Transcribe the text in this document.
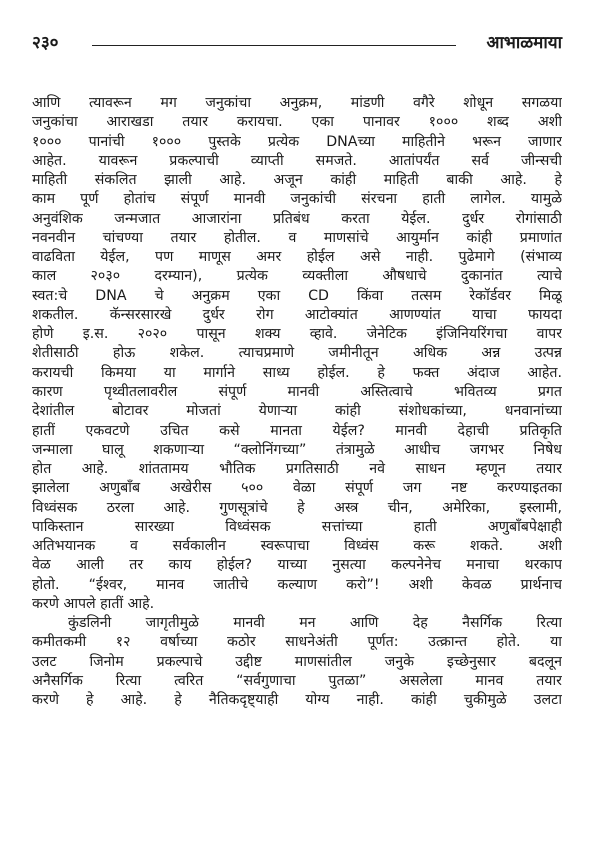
२३०	आभाळमाया
आणि त्यावरून मग जनुकांचा अनुक्रम, मांडणी वगैरे शोधून सगळया
जनुकांचा आराखडा तयार करायचा. एका पानावर १००० शब्द अशी
१००० पानांची १००० पुस्तके प्रत्येक DNAच्या माहितीने भरून जाणार
आहेत. यावरून प्रकल्पाची व्याप्ती समजते. आतांपर्यंत सर्व जीन्सची
माहिती संकलित झाली आहे. अजून कांही माहिती बाकी आहे. हे
काम पूर्ण होतांच संपूर्ण मानवी जनुकांची संरचना हाती लागेल. यामुळे
अनुवंशिक जन्मजात आजारांना प्रतिबंध करता येईल. दुर्धर रोगांसाठी
नवनवीन चांचण्या तयार होतील. व माणसांचे आयुर्मान कांही प्रमाणांत
वाढविता येईल, पण माणूस अमर होईल असे नाही. पुढेमागे (संभाव्य
काल २०३० दरम्यान), प्रत्येक व्यक्तीला औषधाचे दुकानांत त्याचे
स्वत:चे DNA चे अनुक्रम एका CD किंवा तत्सम रेकॉर्डवर मिळू
शकतील. कॅन्सरसारखे दुर्धर रोग आटोक्यांत आणण्यांत याचा फायदा
होणे इ.स. २०२० पासून शक्य व्हावे. जेनेटिक इंजिनियरिंगचा वापर
शेतीसाठी होऊ शकेल. त्याचप्रमाणे जमीनीतून अधिक अन्न उत्पन्न
करायची किमया या मार्गाने साध्य होईल. हे फक्त अंदाज आहेत.
कारण पृथ्वीतलावरील संपूर्ण मानवी अस्तित्वाचे भवितव्य प्रगत
देशांतील बोटावर मोजतां येणाऱ्या कांही संशोधकांच्या, धनवानांच्या
हातीं एकवटणे उचित कसे मानता येईल? मानवी देहाची प्रतिकृति
जन्माला घालू शकणाऱ्या “क्लोनिंगच्या” तंत्रामुळे आधीच जगभर निषेध
होत आहे. शांततामय भौतिक प्रगतिसाठी नवे साधन म्हणून तयार
झालेला अणुबॉंब अखेरीस ५०० वेळा संपूर्ण जग नष्ट करण्याइतका
विध्वंसक ठरला आहे. गुणसूत्रांचे हे अस्त्र चीन, अमेरिका, इस्लामी,
पाकिस्तान सारख्या विध्वंसक सत्तांच्या हाती अणुबॉंबपेक्षाही
अतिभयानक व सर्वकालीन स्वरूपाचा विध्वंस करू शकते. अशी
वेळ आली तर काय होईल? याच्या नुसत्या कल्पनेनेच मनाचा थरकाप
होतो. “ईश्वर, मानव जातीचे कल्याण करो”! अशी केवळ प्रार्थनाच
करणे आपले हातीं आहे.
कुंडलिनी जागृतीमुळे मानवी मन आणि देह नैसर्गिक रित्या
कमीतकमी १२ वर्षाच्या कठोर साधनेअंती पूर्णत: उत्क्रान्त होते. या
उलट जिनोम प्रकल्पाचे उद्दीष्ट माणसांतील जनुके इच्छेनुसार बदलून
अनैसर्गिक रित्या त्वरित “सर्वगुणाचा पुतळा” असलेला मानव तयार
करणे हे आहे. हे नैतिकदृष्ट्याही योग्य नाही. कांही चुकीमुळे उलटा
